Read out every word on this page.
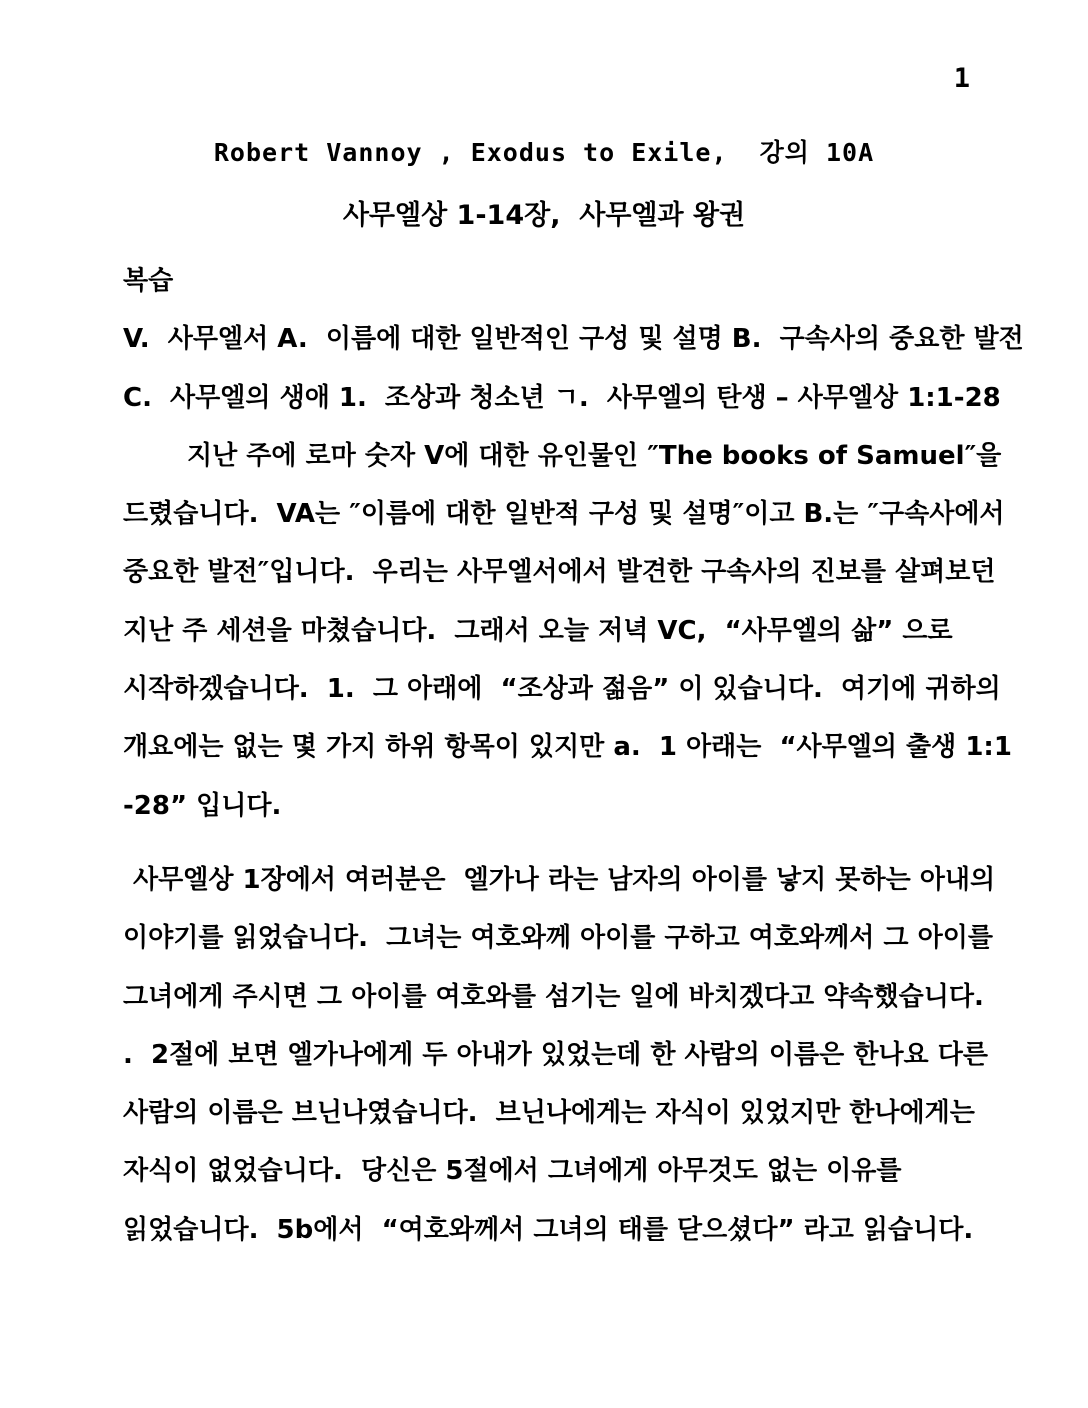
1
Robert Vannoy , Exodus to Exile,  강의 10A
사무엘상 1-14장,  사무엘과 왕권
복습
V.  사무엘서 A.  이름에 대한 일반적인 구성 및 설명 B.  구속사의 중요한 발전
C.  사무엘의 생애 1.  조상과 청소년 ㄱ.  사무엘의 탄생 – 사무엘상 1:1-28
지난 주에 로마 숫자 V에 대한 유인물인 ″The books of Samuel″을
드렸습니다.  VA는 ″이름에 대한 일반적 구성 및 설명″이고 B.는 ″구속사에서
중요한 발전″입니다.  우리는 사무엘서에서 발견한 구속사의 진보를 살펴보던
지난 주 세션을 마쳤습니다.  그래서 오늘 저녁 VC,  “사무엘의 삶” 으로
시작하겠습니다.  1.  그 아래에  “조상과 젊음” 이 있습니다.  여기에 귀하의
개요에는 없는 몇 가지 하위 항목이 있지만 a.  1 아래는  “사무엘의 출생 1:1
-28” 입니다.
사무엘상 1장에서 여러분은  엘가나 라는 남자의 아이를 낳지 못하는 아내의
이야기를 읽었습니다.  그녀는 여호와께 아이를 구하고 여호와께서 그 아이를
그녀에게 주시면 그 아이를 여호와를 섬기는 일에 바치겠다고 약속했습니다.
.  2절에 보면 엘가나에게 두 아내가 있었는데 한 사람의 이름은 한나요 다른
사람의 이름은 브닌나였습니다.  브닌나에게는 자식이 있었지만 한나에게는
자식이 없었습니다.  당신은 5절에서 그녀에게 아무것도 없는 이유를
읽었습니다.  5b에서  “여호와께서 그녀의 태를 닫으셨다” 라고 읽습니다.
